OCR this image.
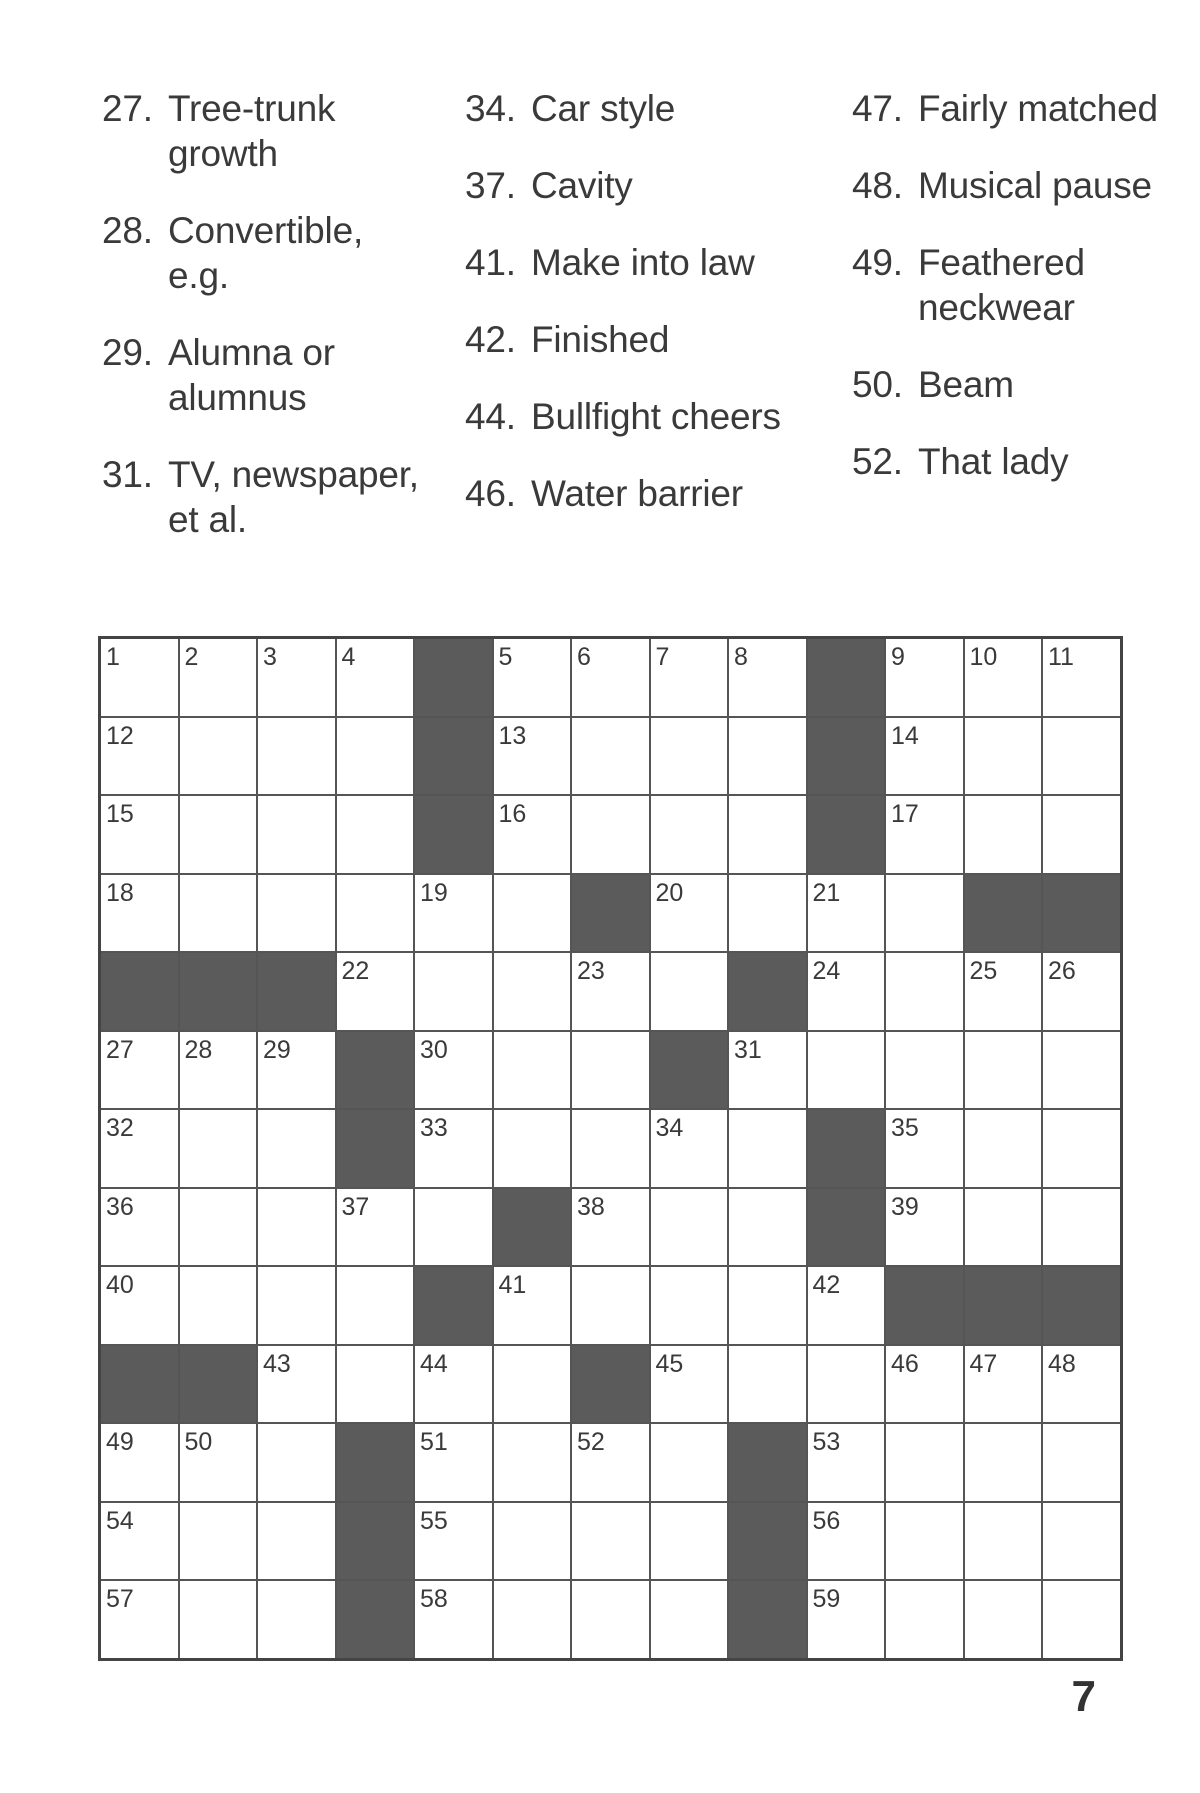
27. Tree-trunk growth
28. Convertible, e.g.
29. Alumna or alumnus
31. TV, newspaper, et al.
34. Car style
37. Cavity
41. Make into law
42. Finished
44. Bullfight cheers
46. Water barrier
47. Fairly matched
48. Musical pause
49. Feathered neckwear
50. Beam
52. That lady
1	2	3	4	5	6	7	8	9	10 11
12	13	14
15	16	17
18	19	20	21
22	23	24	25 26
27 28 29	30	31
32	33	34	35
36	37	38	39
40	41	42
43	44	45	46 47 48
49 50	51	52	53
54	55	56
57	58	59
7
